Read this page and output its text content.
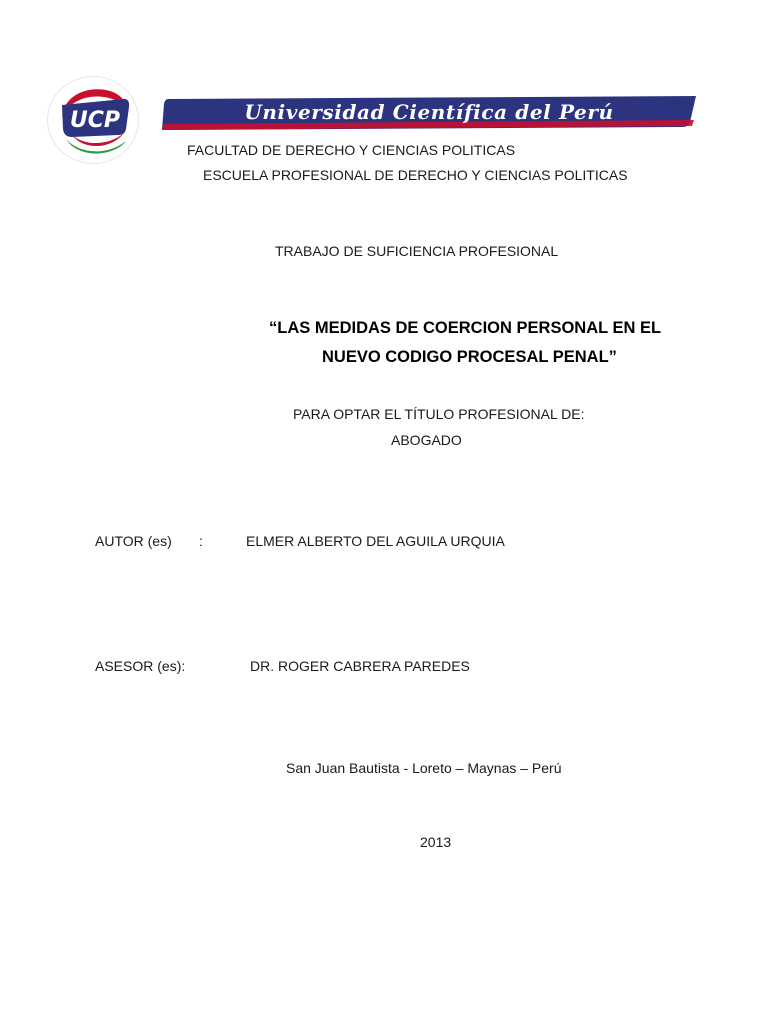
UCP	Universidad Científica del Perú
FACULTAD DE DERECHO Y CIENCIAS POLITICAS
ESCUELA PROFESIONAL DE DERECHO Y CIENCIAS POLITICAS
TRABAJO DE SUFICIENCIA PROFESIONAL
“LAS MEDIDAS DE COERCION PERSONAL EN EL
NUEVO CODIGO PROCESAL PENAL”
PARA OPTAR EL TÍTULO PROFESIONAL DE:
ABOGADO
AUTOR (es) :	ELMER ALBERTO DEL AGUILA URQUIA
ASESOR (es):	DR. ROGER CABRERA PAREDES
San Juan Bautista - Loreto – Maynas – Perú
2013
